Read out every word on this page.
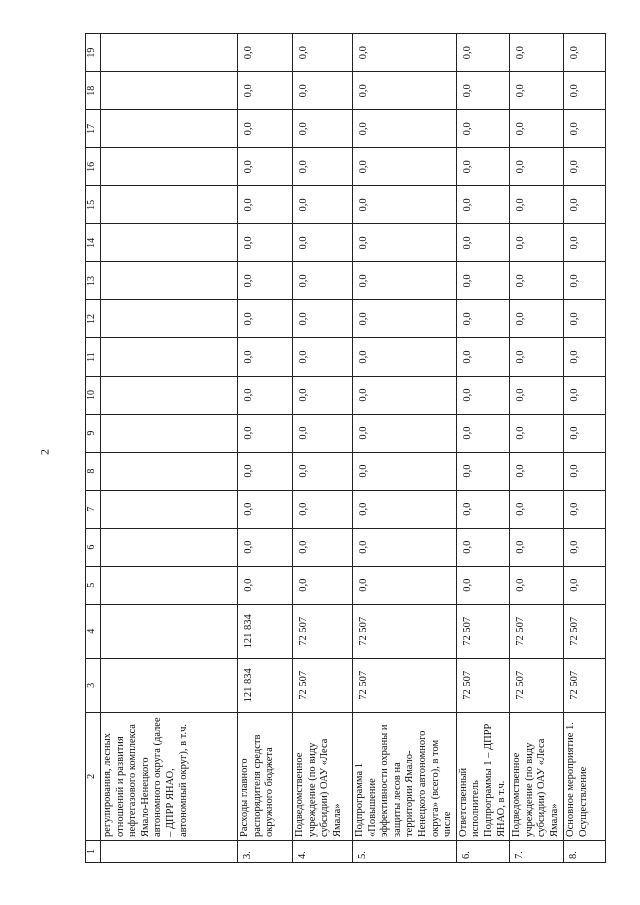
2
1	2	3	4	5	6	7	8	9	10	11	12	13	14	15	16	17	18	19
	регулирования, лесных отношений и развития нефтегазового комплекса Ямало-Ненецкого автономного округа (далее – ДПРР ЯНАО, автономный округ), в т.ч.																	
3.	Расходы главного распорядителя средств окружного бюджета	121 834	121 834	0,0	0,0	0,0	0,0	0,0	0,0	0,0	0,0	0,0	0,0	0,0	0,0	0,0	0,0	0,0
4.	Подведомственное учреждение (по виду субсидии) ОАУ «Леса Ямала»	72 507	72 507	0,0	0,0	0,0	0,0	0,0	0,0	0,0	0,0	0,0	0,0	0,0	0,0	0,0	0,0	0,0
5.	Подпрограмма 1 «Повышение эффективности охраны и защиты лесов на территории Ямало-Ненецкого автономного округа» (всего), в том числе	72 507	72 507	0,0	0,0	0,0	0,0	0,0	0,0	0,0	0,0	0,0	0,0	0,0	0,0	0,0	0,0	0,0
6.	Ответственный исполнитель Подпрограммы 1 – ДПРР ЯНАО, в т.ч.	72 507	72 507	0,0	0,0	0,0	0,0	0,0	0,0	0,0	0,0	0,0	0,0	0,0	0,0	0,0	0,0	0,0
7.	Подведомственное учреждение (по виду субсидии) ОАУ «Леса Ямала»	72 507	72 507	0,0	0,0	0,0	0,0	0,0	0,0	0,0	0,0	0,0	0,0	0,0	0,0	0,0	0,0	0,0
8.	Основное мероприятие 1. Осуществление	72 507	72 507	0,0	0,0	0,0	0,0	0,0	0,0	0,0	0,0	0,0	0,0	0,0	0,0	0,0	0,0	0,0
